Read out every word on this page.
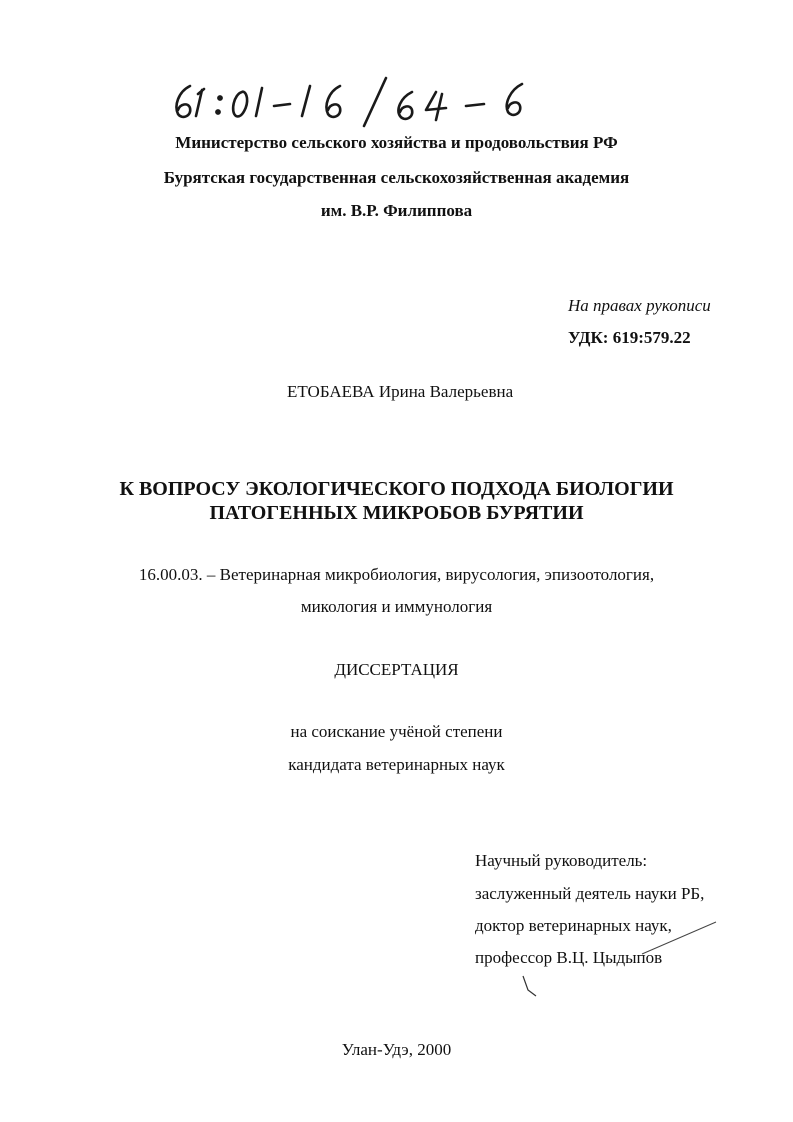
Министерство сельского хозяйства и продовольствия РФ
Бурятская государственная сельскохозяйственная академия
им. В.Р. Филиппова
На правах рукописи
УДК: 619:579.22
ЕТОБАЕВА Ирина Валерьевна
К ВОПРОСУ ЭКОЛОГИЧЕСКОГО ПОДХОДА БИОЛОГИИ
ПАТОГЕННЫХ МИКРОБОВ БУРЯТИИ
16.00.03. – Ветеринарная микробиология, вирусология, эпизоотология,
микология и иммунология
ДИССЕРТАЦИЯ
на соискание учёной степени
кандидата ветеринарных наук
Научный руководитель:
заслуженный деятель науки РБ,
доктор ветеринарных наук,
профессор В.Ц. Цыдыпов
Улан-Удэ, 2000
